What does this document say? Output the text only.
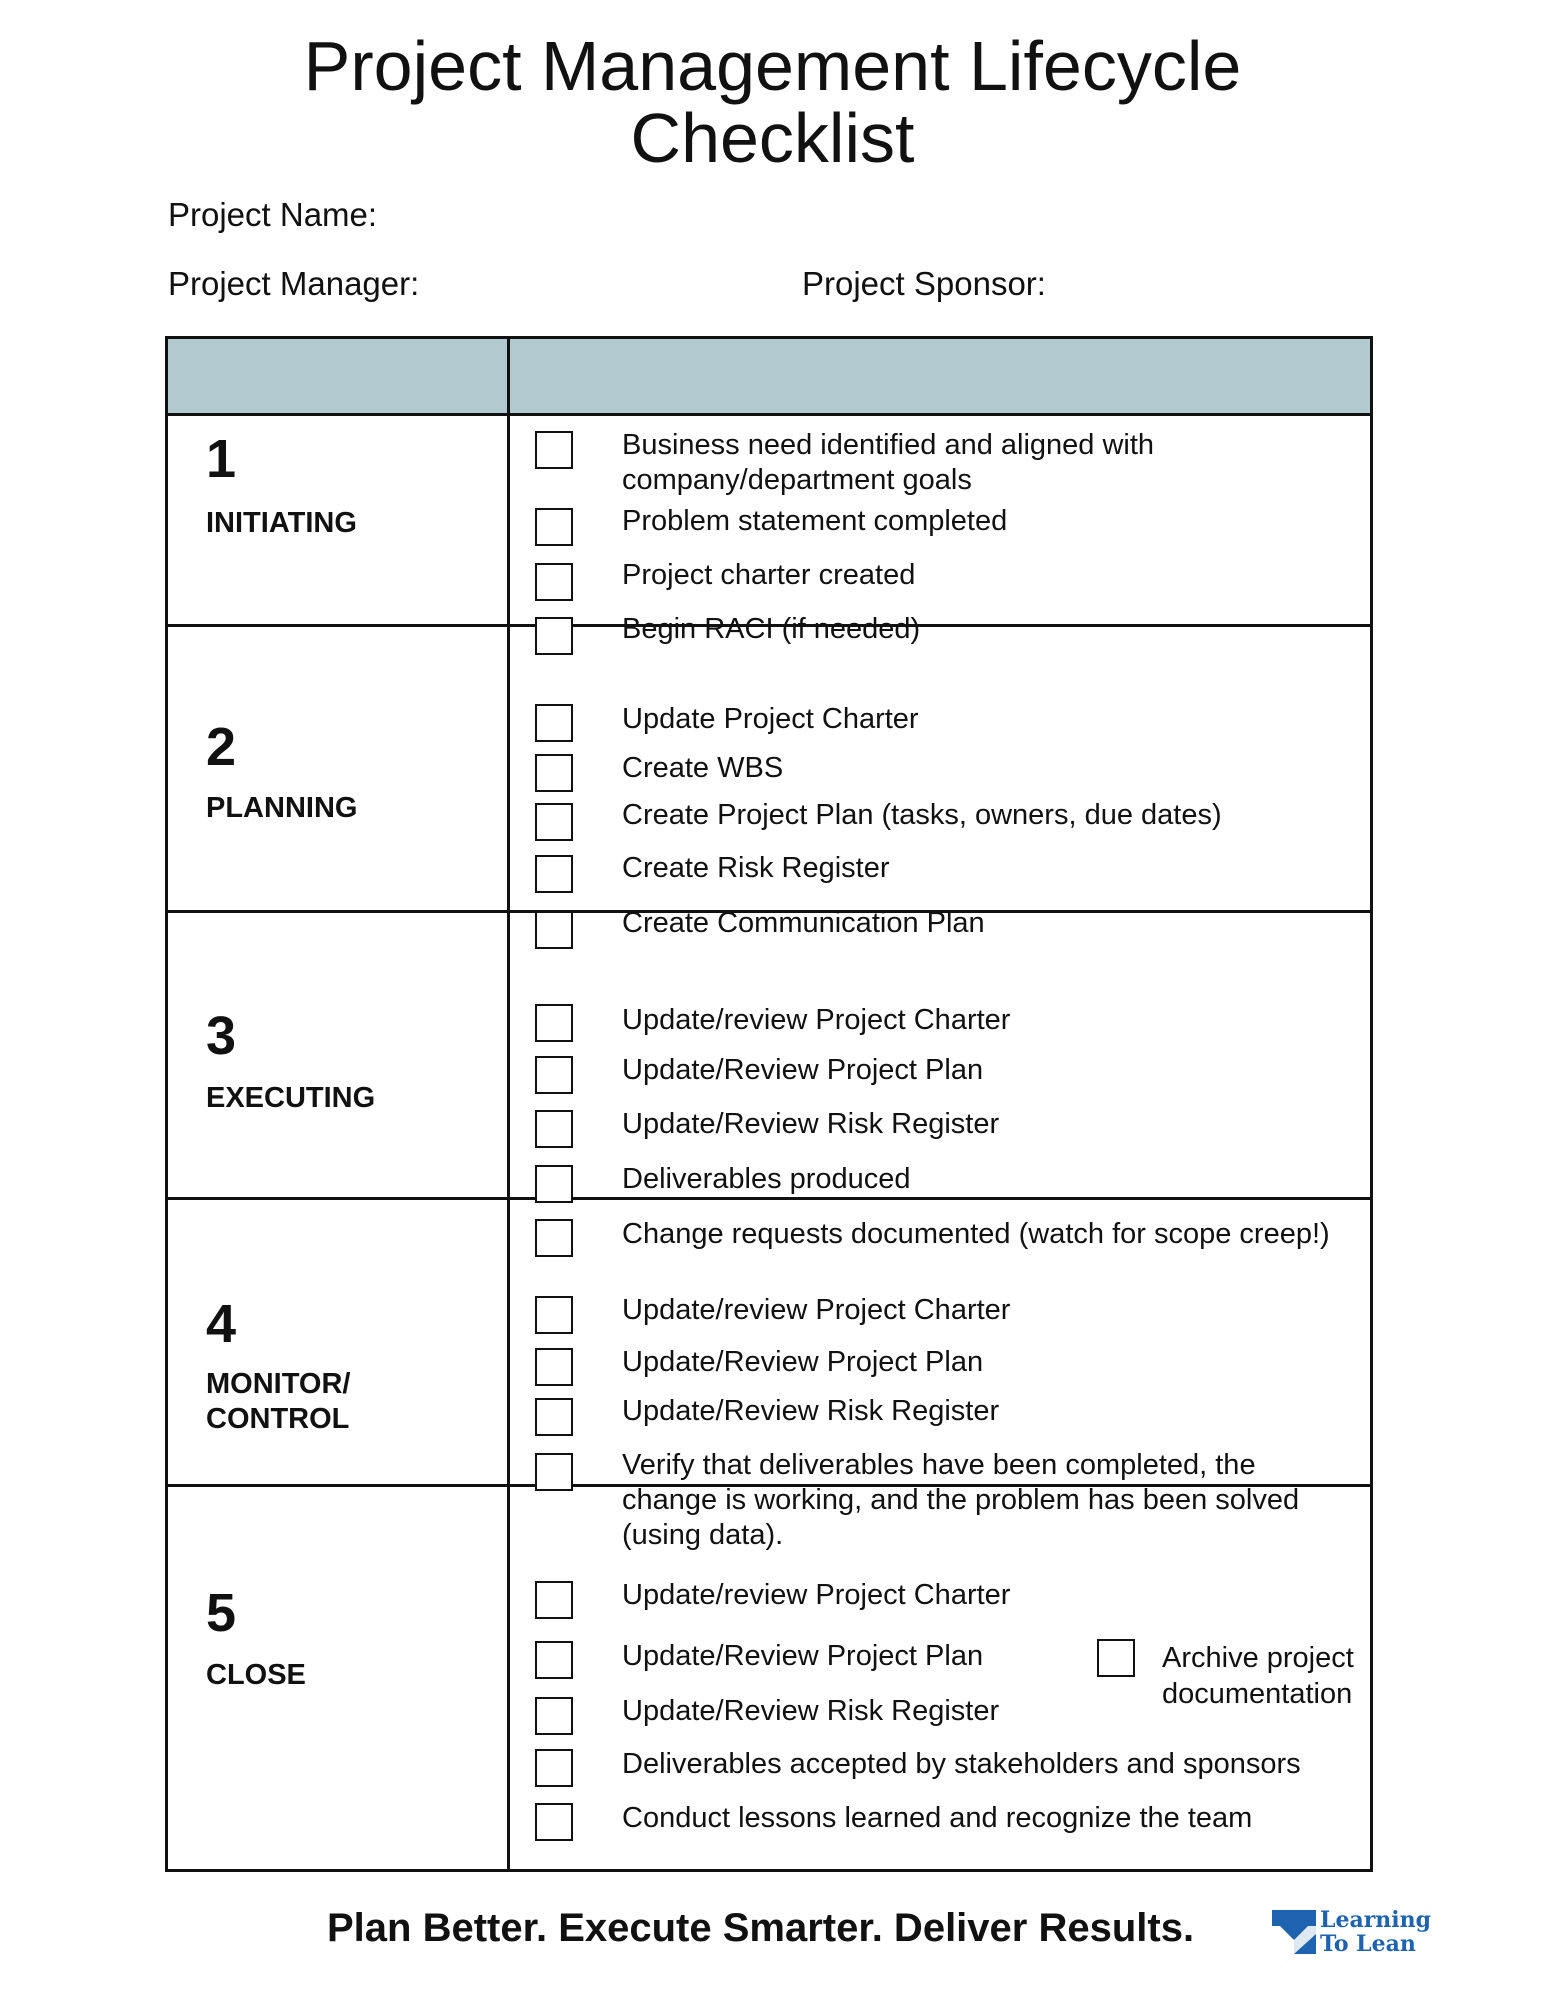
Project Management Lifecycle
Checklist
Project Name:
Project Manager:	Project Sponsor:
1
INITIATING
Business need identified and aligned with company/department goals
Problem statement completed
Project charter created
Begin RACI (if needed)
2
PLANNING
Update Project Charter
Create WBS
Create Project Plan (tasks, owners, due dates)
Create Risk Register
Create Communication Plan
3
EXECUTING
Update/review Project Charter
Update/Review Project Plan
Update/Review Risk Register
Deliverables produced
Change requests documented (watch for scope creep!)
4
MONITOR/
CONTROL
Update/review Project Charter
Update/Review Project Plan
Update/Review Risk Register
Verify that deliverables have been completed, the change is working, and the problem has been solved (using data).
5
CLOSE
Update/review Project Charter
Update/Review Project Plan
Update/Review Risk Register
Deliverables accepted by stakeholders and sponsors
Conduct lessons learned and recognize the team
Archive project documentation
Plan Better. Execute Smarter. Deliver Results.	Learning
To Lean
